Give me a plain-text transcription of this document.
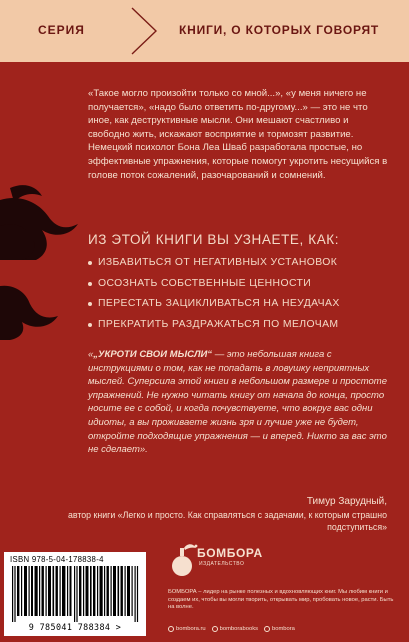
СЕРИЯ	КНИГИ, О КОТОРЫХ ГОВОРЯТ

«Такое могло произойти только со мной...», «у меня ничего не получается», «надо было ответить по-другому...» — это не что иное, как деструктивные мысли. Они мешают счастливо и свободно жить, искажают восприятие и тормозят развитие. Немецкий психолог Бона Леа Шваб разработала простые, но эффективные упражнения, которые помогут укротить несущийся в голове поток сожалений, разочарований и сомнений.

ИЗ ЭТОЙ КНИГИ ВЫ УЗНАЕТЕ, КАК:
ИЗБАВИТЬСЯ ОТ НЕГАТИВНЫХ УСТАНОВОК
ОСОЗНАТЬ СОБСТВЕННЫЕ ЦЕННОСТИ
ПЕРЕСТАТЬ ЗАЦИКЛИВАТЬСЯ НА НЕУДАЧАХ
ПРЕКРАТИТЬ РАЗДРАЖАТЬСЯ ПО МЕЛОЧАМ

«„УКРОТИ СВОИ МЫСЛИ“ — это небольшая книга с инструкциями о том, как не попадать в ловушку неприятных мыслей. Суперсила этой книги в небольшом размере и простоте упражнений. Не нужно читать книгу от начала до конца, просто носите ее с собой, и когда почувствуете, что вокруг вас одни идиоты, а вы проживаете жизнь зря и лучше уже не будет, откройте подходящие упражнения — и вперед. Никто за вас это не сделает».

Тимур Зарудный,
автор книги «Легко и просто. Как справляться с задачами, к которым страшно подступиться»
ISBN 978-5-04-178838-4
9 785041 788384 >
БОМБОРА
ИЗДАТЕЛЬСТВО

БОМБОРА – лидер на рынке полезных и вдохновляющих книг. Мы любим книги и создаем их, чтобы вы могли творить, открывать мир, пробовать новое, расти. Быть на волне.

bombora.ru bomborabooks bombora
